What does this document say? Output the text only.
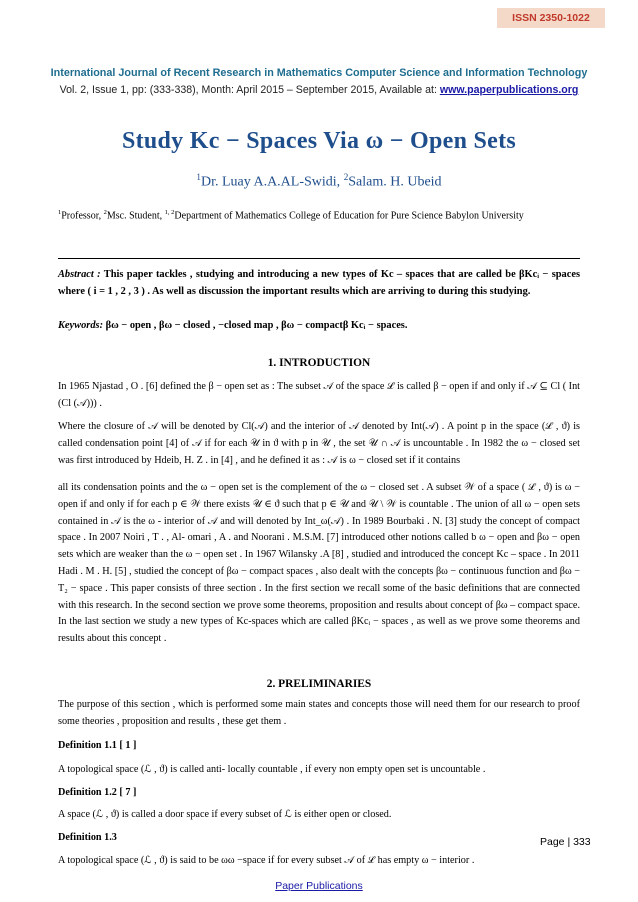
ISSN 2350-1022
International Journal of Recent Research in Mathematics Computer Science and Information Technology
Vol. 2, Issue 1, pp: (333-338), Month: April 2015 – September 2015, Available at: www.paperpublications.org
Study Kc − Spaces Via ω − Open Sets
$^1$Dr. Luay A.A.AL-Swidi, $^2$Salam. H. Ubeid
$^1$Professor, $^2$Msc. Student, $^{1, 2}$Department of Mathematics College of Education for Pure Science Babylon University
Abstract : This paper tackles , studying and introducing a new types of Kc – spaces that are called be βKcᵢ − spaces where ( i = 1 , 2 , 3 ) . As well as discussion the important results which are arriving to during this studying.
Keywords: βω − open , βω − closed , −closed map , βω − compactβ Kcᵢ − spaces.
1. INTRODUCTION
In 1965 Njastad , O . [6] defined the β − open set as : The subset 𝒜 of the space ℒ is called β − open if and only if 𝒜 ⊆ Cl ( Int (Cl (𝒜))) .
Where the closure of 𝒜 will be denoted by Cl(𝒜) and the interior of 𝒜 denoted by Int(𝒜) . A point p in the space (ℒ , ϑ) is called condensation point [4] of 𝒜 if for each 𝒰 in ϑ with p in 𝒰 , the set 𝒰 ∩ 𝒜 is uncountable . In 1982 the ω − closed set was first introduced by Hdeib, H. Z . in [4] , and he defined it as : 𝒜 is ω − closed set if it contains
all its condensation points and the ω − open set is the complement of the ω − closed set . A subset 𝒲 of a space ( ℒ , ϑ) is ω − open if and only if for each p ∈ 𝒲 there exists 𝒰 ∈ ϑ such that p ∈ 𝒰 and 𝒰 \ 𝒲 is countable . The union of all ω − open sets contained in 𝒜 is the ω - interior of 𝒜 and will denoted by Int_ω(𝒜) . In 1989 Bourbaki . N. [3] study the concept of compact space . In 2007 Noiri , T . , Al- omari , A . and Noorani . M.S.M. [7] introduced other notions called b ω − open and βω − open sets which are weaker than the ω − open set . In 1967 Wilansky .A [8] , studied and introduced the concept Kc – space . In 2011 Hadi . M . H. [5] , studied the concept of βω − compact spaces , also dealt with the concepts βω − continuous function and βω − T₂ − space . This paper consists of three section . In the first section we recall some of the basic definitions that are connected with this research. In the second section we prove some theorems, proposition and results about concept of βω – compact space. In the last section we study a new types of Kc-spaces which are called βKcᵢ − spaces , as well as we prove some theorems and results about this concept .
2. PRELIMINARIES
The purpose of this section , which is performed some main states and concepts those will need them for our research to proof some theories , proposition and results , these get them .
Definition 1.1 [ 1 ]
A topological space (ℒ , ϑ) is called anti- locally countable , if every non empty open set is uncountable .
Definition 1.2 [ 7 ]
A space (ℒ , ϑ) is called a door space if every subset of ℒ is either open or closed.
Definition 1.3
A topological space (ℒ , ϑ) is said to be ωω −space if for every subset 𝒜 of ℒ has empty ω − interior .
Page | 333
Paper Publications
